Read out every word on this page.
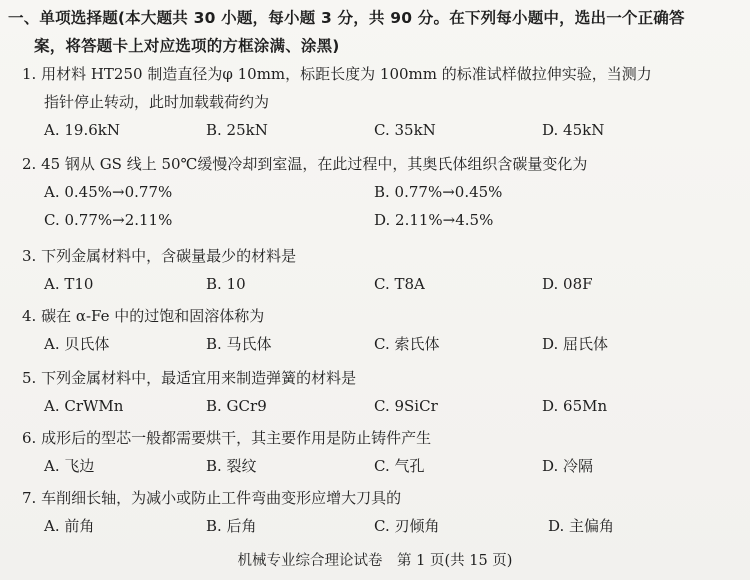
一、单项选择题(本大题共 30 小题，每小题 3 分，共 90 分。在下列每小题中，选出一个正确答
案，将答题卡上对应选项的方框涂满、涂黑)
1. 用材料 HT250 制造直径为φ 10mm，标距长度为 100mm 的标准试样做拉伸实验，当测力
指针停止转动，此时加载载荷约为
A. 19.6kN	B. 25kN	C. 35kN	D. 45kN
2. 45 钢从 GS 线上 50℃缓慢冷却到室温，在此过程中，其奥氏体组织含碳量变化为
A. 0.45%→0.77%	B. 0.77%→0.45%
C. 0.77%→2.11%	D. 2.11%→4.5%
3. 下列金属材料中，含碳量最少的材料是
A. T10	B. 10	C. T8A	D. 08F
4. 碳在 α-Fe 中的过饱和固溶体称为
A. 贝氏体	B. 马氏体	C. 索氏体	D. 屈氏体
5. 下列金属材料中，最适宜用来制造弹簧的材料是
A. CrWMn	B. GCr9	C. 9SiCr	D. 65Mn
6. 成形后的型芯一般都需要烘干，其主要作用是防止铸件产生
A. 飞边	B. 裂纹	C. 气孔	D. 冷隔
7. 车削细长轴，为减小或防止工件弯曲变形应增大刀具的
A. 前角	B. 后角	C. 刃倾角	D. 主偏角
机械专业综合理论试卷　第 1 页(共 15 页)
